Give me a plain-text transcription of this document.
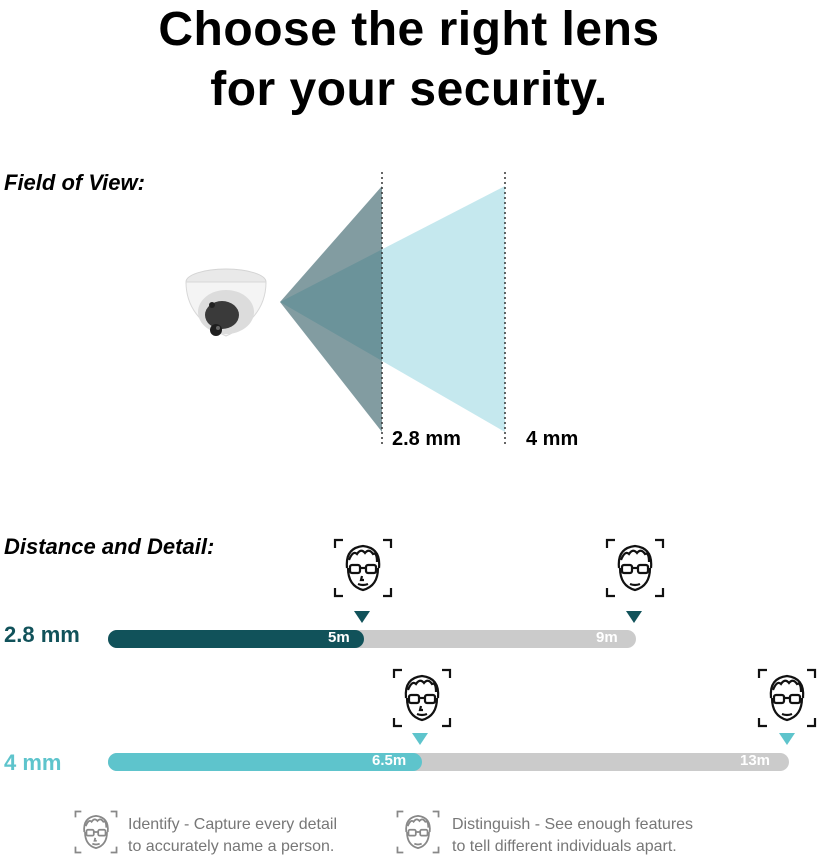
Choose the right lens
for your security.
Field of View:
2.8 mm	4 mm
Distance and Detail:
2.8 mm	5m	9m
4 mm	6.5m	13m
Identify - Capture every detail
to accurately name a person.
Distinguish - See enough features
to tell different individuals apart.
